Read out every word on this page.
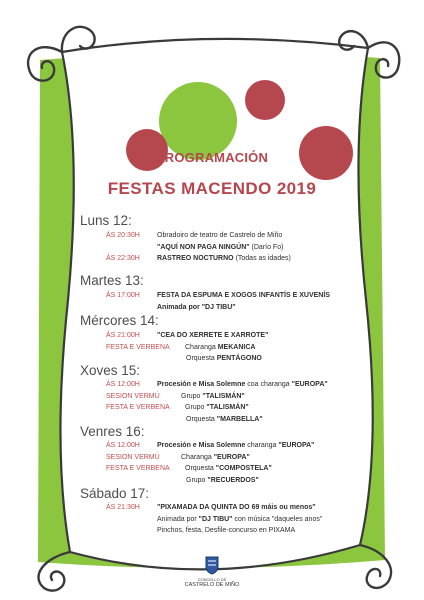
PROGRAMACIÓN
FESTAS MACENDO 2019
Luns 12:
ÁS 20:30H Obradoiro de teatro de Castrelo de Miño
"AQUÍ NON PAGA NINGÚN" (Darío Fo)
ÁS 22:30H RASTREO NOCTURNO (Todas as idades)
Martes 13:
ÁS 17:00H FESTA DA ESPUMA E XOGOS INFANTÍS E XUVENÍS
Animada por "DJ TIBU"
Mércores 14:
ÁS 21:00H "CEA DO XERRETE E XARROTE"
FESTA E VERBENA Charanga MEKANICA
Orquesta PENTÁGONO
Xoves 15:
ÁS 12:00H Procesión e Misa Solemne coa charanga "EUROPA"
SESION VERMÚ	Grupo "TALISMÁN"
FESTA E VERBENA Grupo "TALISMÁN"
Orquesta "MARBELLA"
Venres 16:
ÁS 12:00H Procesión e Misa Solemne charanga "EUROPA"
SESION VERMÚ	Charanga "EUROPA"
FESTA E VERBENA Orquesta "COMPOSTELA"
Grupo "RECUERDOS"
Sábado 17:
ÁS 21:30H "PIXAMADA DA QUINTA DO 69 máis ou menos"
Animada por "DJ TIBU" con música "daqueles anos"
Pinchos, festa, Desfile-concurso en PIXAMA
CONCELLO DE
CASTRELO DE MIÑO
